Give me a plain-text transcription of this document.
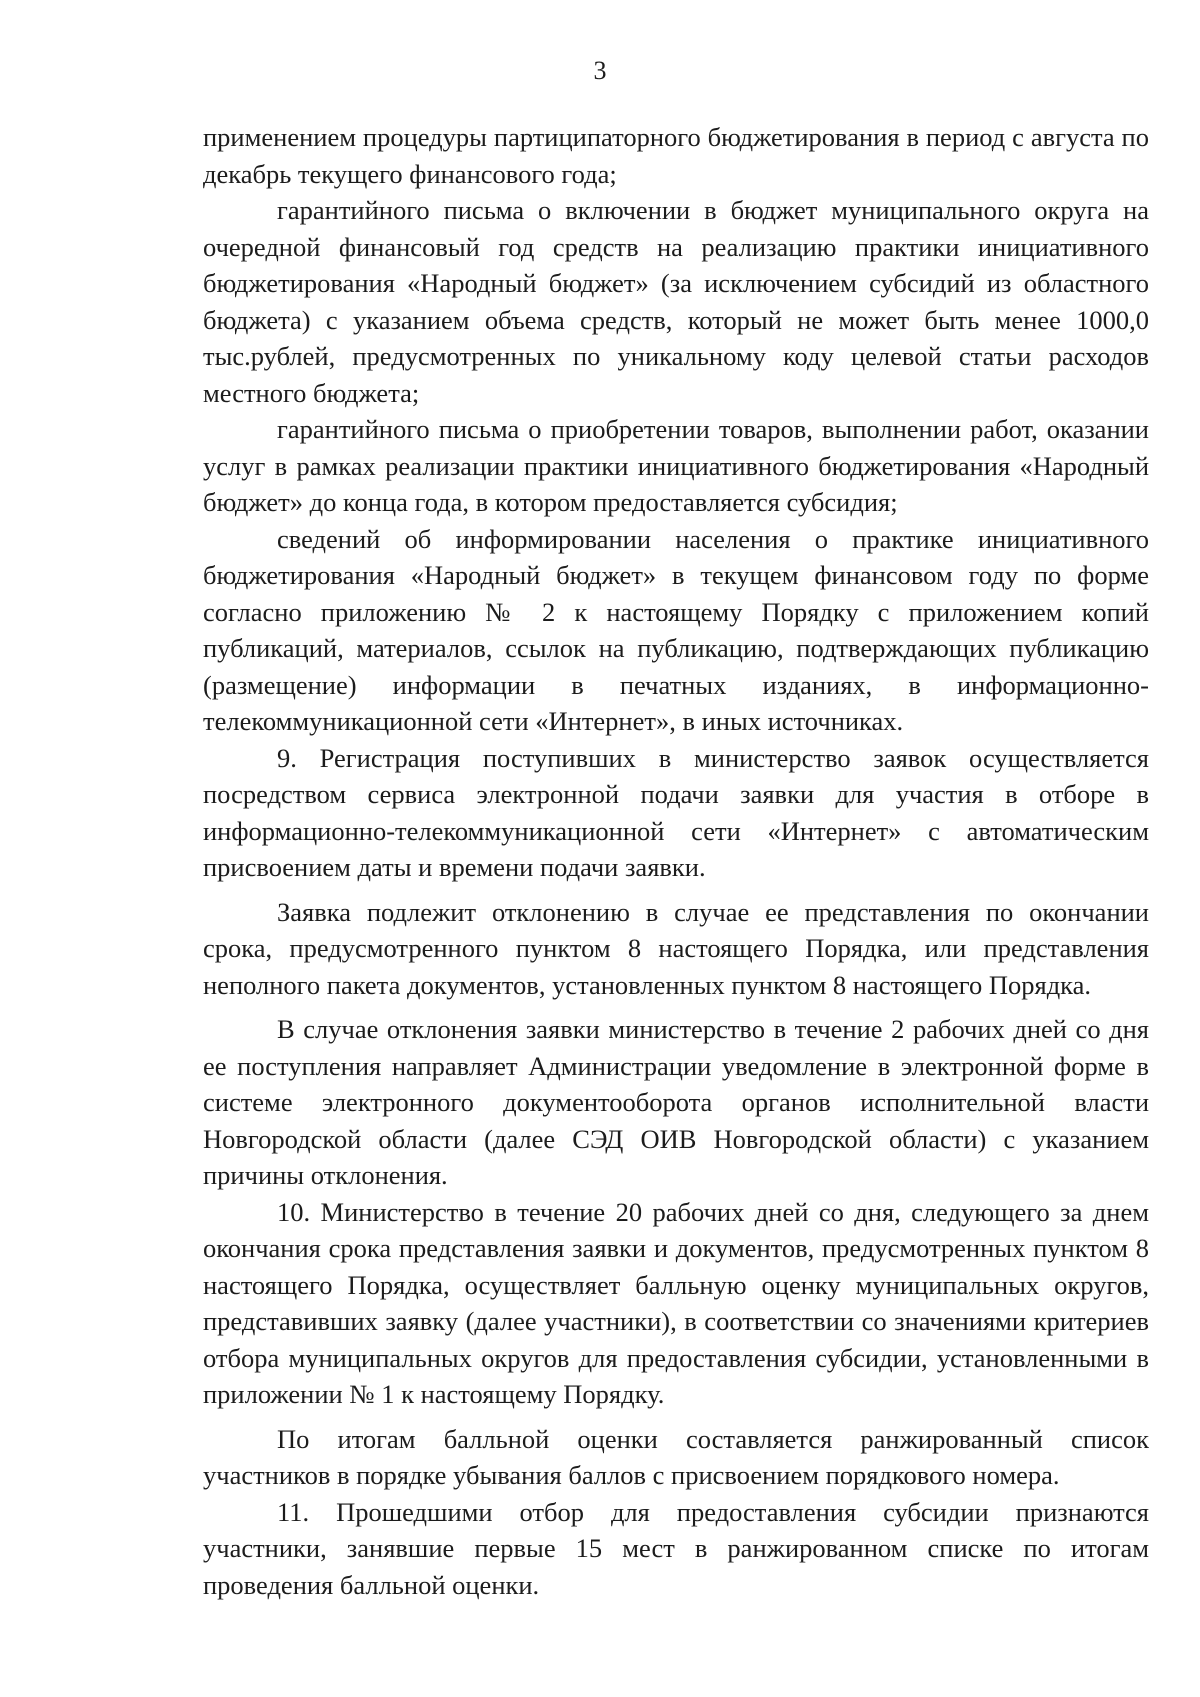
3

применением процедуры партиципаторного бюджетирования в период с августа по декабрь текущего финансового года;

гарантийного письма о включении в бюджет муниципального округа на очередной финансовый год средств на реализацию практики инициативного бюджетирования «Народный бюджет» (за исключением субсидий из областного бюджета) с указанием объема средств, который не может быть менее 1000,0 тыс.рублей, предусмотренных по уникальному коду целевой статьи расходов местного бюджета;

гарантийного письма о приобретении товаров, выполнении работ, оказании услуг в рамках реализации практики инициативного бюджетирования «Народный бюджет» до конца года, в котором предоставляется субсидия;

сведений об информировании населения о практике инициативного бюджетирования «Народный бюджет» в текущем финансовом году по форме согласно приложению № 2 к настоящему Порядку с приложением копий публикаций, материалов, ссылок на публикацию, подтверждающих публикацию (размещение) информации в печатных изданиях, в информационно-телекоммуникационной сети «Интернет», в иных источниках.

9. Регистрация поступивших в министерство заявок осуществляется посредством сервиса электронной подачи заявки для участия в отборе в информационно-телекоммуникационной сети «Интернет» с автоматическим присвоением даты и времени подачи заявки.

Заявка подлежит отклонению в случае ее представления по окончании срока, предусмотренного пунктом 8 настоящего Порядка, или представления неполного пакета документов, установленных пунктом 8 настоящего Порядка.

В случае отклонения заявки министерство в течение 2 рабочих дней со дня ее поступления направляет Администрации уведомление в электронной форме в системе электронного документооборота органов исполнительной власти Новгородской области (далее СЭД ОИВ Новгородской области) с указанием причины отклонения.

10. Министерство в течение 20 рабочих дней со дня, следующего за днем окончания срока представления заявки и документов, предусмотренных пунктом 8 настоящего Порядка, осуществляет балльную оценку муниципальных округов, представивших заявку (далее участники), в соответствии со значениями критериев отбора муниципальных округов для предоставления субсидии, установленными в приложении № 1 к настоящему Порядку.

По итогам балльной оценки составляется ранжированный список участников в порядке убывания баллов с присвоением порядкового номера.

11. Прошедшими отбор для предоставления субсидии признаются участники, занявшие первые 15 мест в ранжированном списке по итогам проведения балльной оценки.
